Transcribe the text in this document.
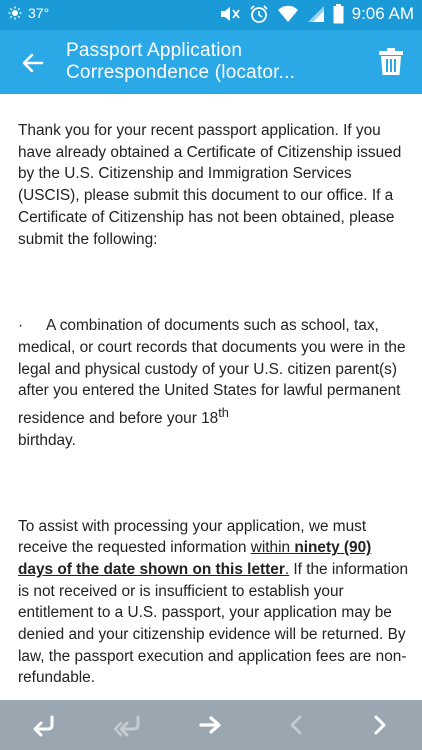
37°	9:06 AM
Passport Application
Correspondence (locator...

Thank you for your recent passport application. If you have already obtained a Certificate of Citizenship issued by the U.S. Citizenship and Immigration Services (USCIS), please submit this document to our office. If a Certificate of Citizenship has not been obtained, please submit the following:

· A combination of documents such as school, tax, medical, or court records that documents you were in the legal and physical custody of your U.S. citizen parent(s) after you entered the United States for lawful permanent residence and before your 18th
birthday.

To assist with processing your application, we must receive the requested information within ninety (90) days of the date shown on this letter. If the information is not received or is insufficient to establish your entitlement to a U.S. passport, your application may be denied and your citizenship evidence will be returned. By law, the passport execution and application fees are non-refundable.
